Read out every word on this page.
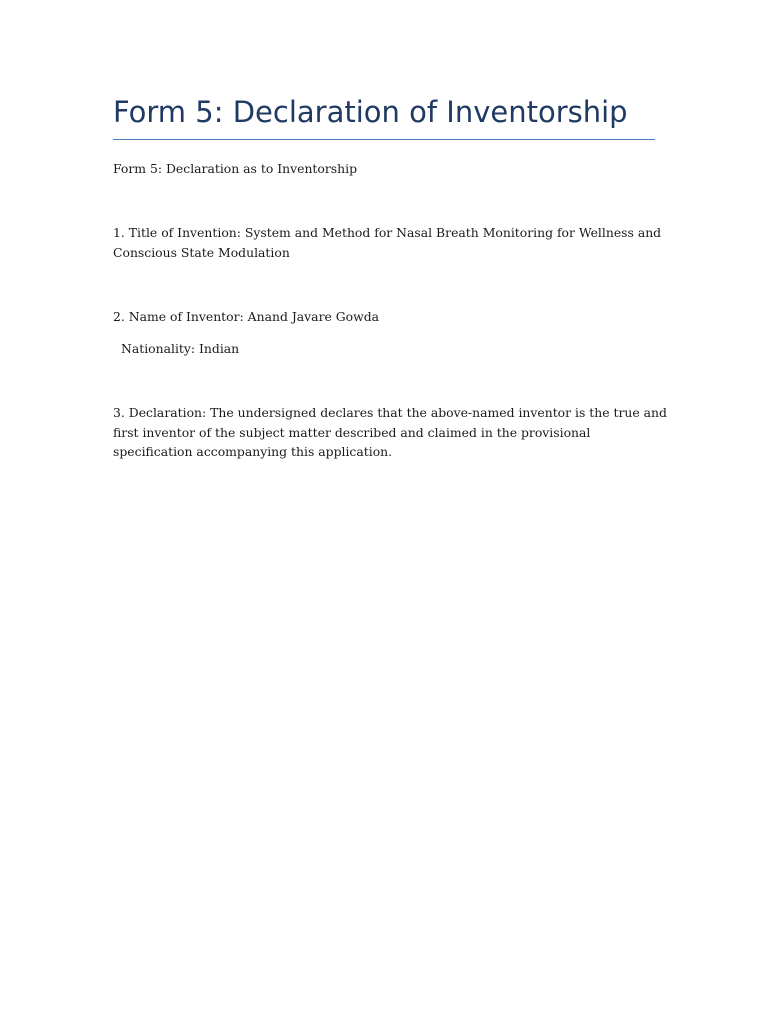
Form 5: Declaration of Inventorship

Form 5: Declaration as to Inventorship

1. Title of Invention: System and Method for Nasal Breath Monitoring for Wellness and Conscious State Modulation

2. Name of Inventor: Anand Javare Gowda

Nationality: Indian

3. Declaration: The undersigned declares that the above-named inventor is the true and first inventor of the subject matter described and claimed in the provisional specification accompanying this application.
